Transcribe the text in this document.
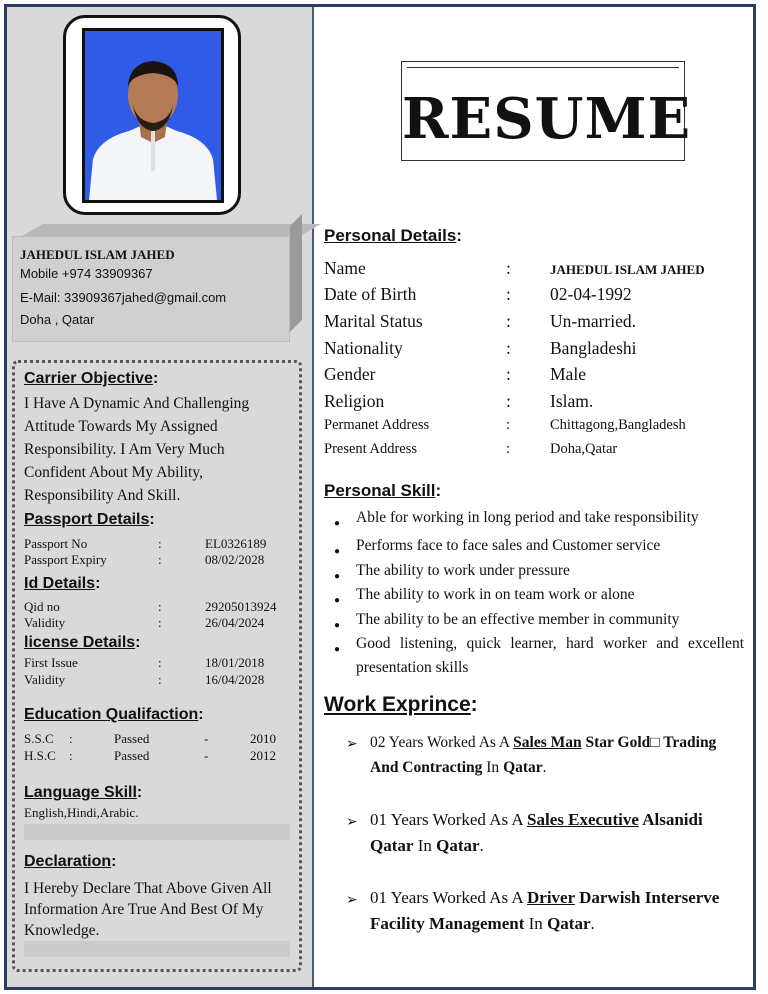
JAHEDUL ISLAM JAHED
Mobile +974 33909367
E-Mail: 33909367jahed@gmail.com
Doha , Qatar
Carrier Objective:
I Have A Dynamic And Challenging Attitude Towards My Assigned Responsibility. I Am Very Much Confident About My Ability, Responsibility And Skill.
Passport Details:
Passport No	:	EL0326189
Passport Expiry	:	08/02/2028
Id Details:
Qid no	:	29205013924
Validity	:	26/04/2024
license Details:
First Issue	:	18/01/2018
Validity	:	16/04/2028
Education Qualifaction:
S.S.C :	Passed	-	2010
H.S.C :	Passed	-	2012
Language Skill:
English,Hindi,Arabic.
Declaration:
I Hereby Declare That Above Given All Information Are True And Best Of My Knowledge.
RESUME
Personal Details:
Name	:	JAHEDUL ISLAM JAHED
Date of Birth	: 02-04-1992
Marital Status	: Un-married.
Nationality	: Bangladeshi
Gender	: Male
Religion	: Islam.
Permanet Address	:	Chittagong,Bangladesh
Present Address	:	Doha,Qatar
Personal Skill:
● Able for working in long period and take responsibility
● Performs face to face sales and Customer service
● The ability to work under pressure
● The ability to work in on team work or alone
● The ability to be an effective member in community
● Good listening, quick learner, hard worker and excellent presentation skills
Work Exprince:
➢ 02 Years Worked As A Sales Man Star Gold□ Trading And Contracting In Qatar.
➢ 01 Years Worked As A Sales Executive Alsanidi Qatar In Qatar.
➢ 01 Years Worked As A Driver Darwish Interserve Facility Management In Qatar.
